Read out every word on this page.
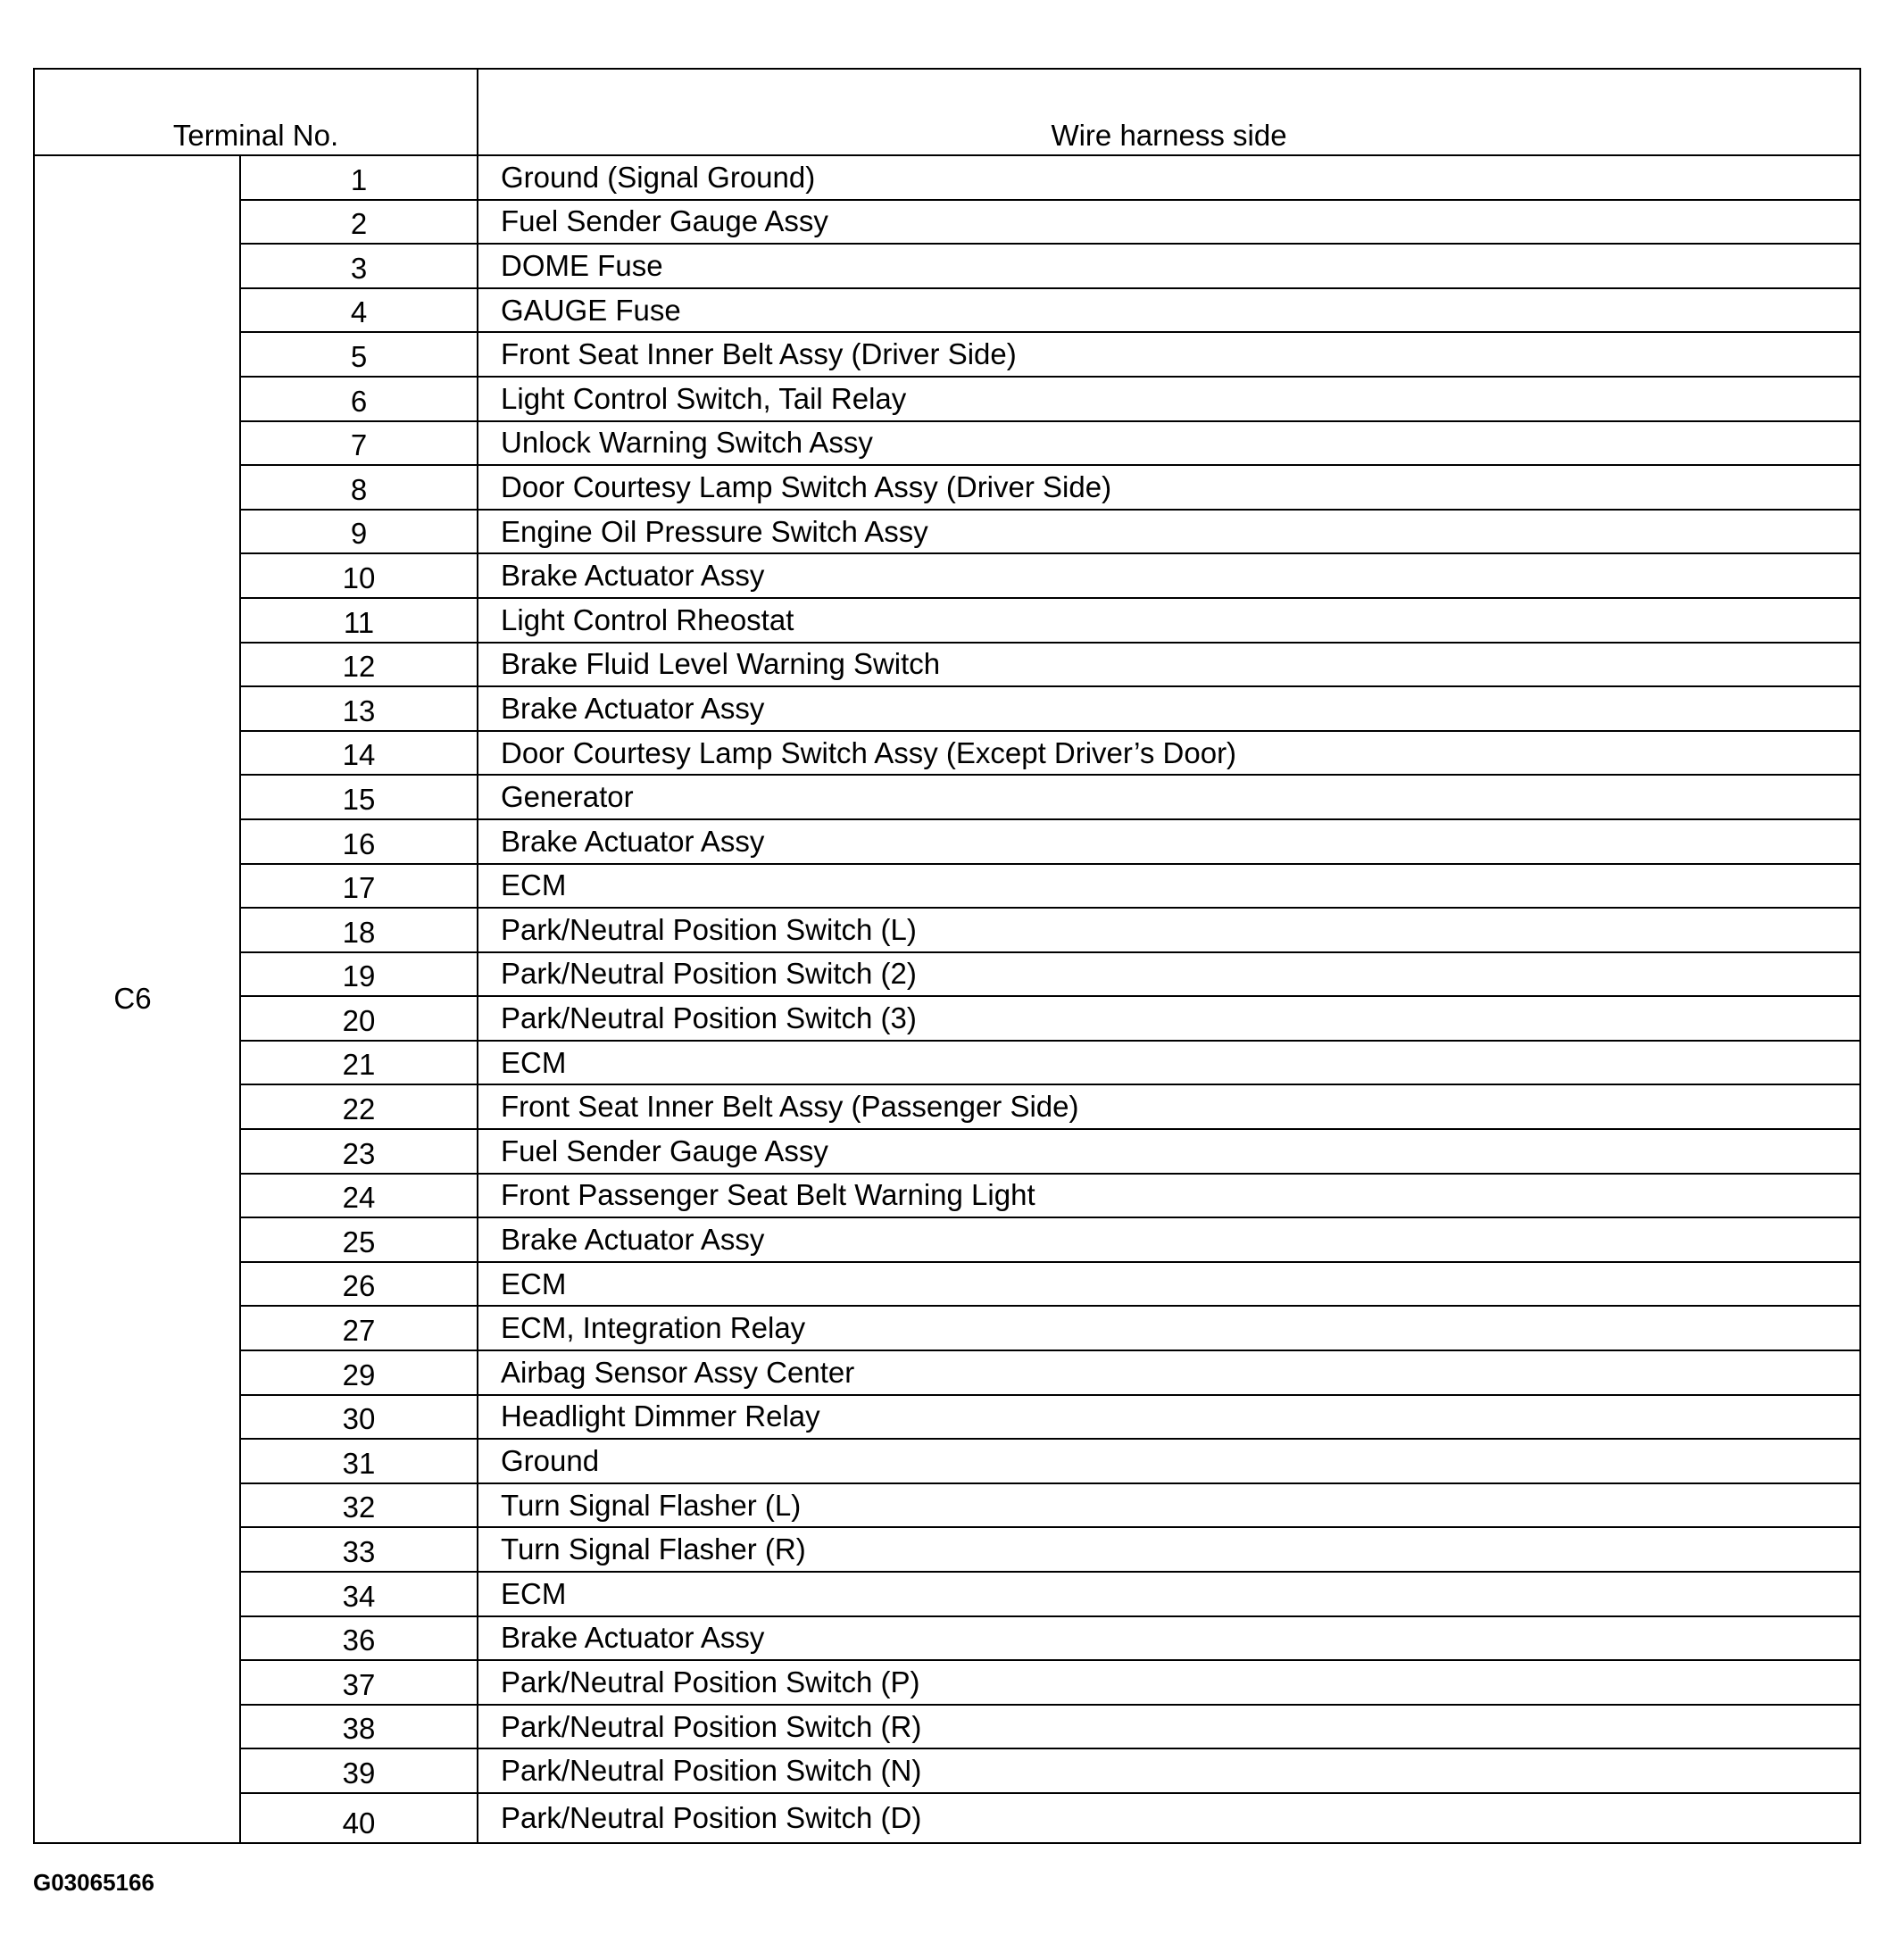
Terminal No.		Wire harness side
C6	1	Ground (Signal Ground)
	2	Fuel Sender Gauge Assy
	3	DOME Fuse
	4	GAUGE Fuse
	5	Front Seat Inner Belt Assy (Driver Side)
	6	Light Control Switch, Tail Relay
	7	Unlock Warning Switch Assy
	8	Door Courtesy Lamp Switch Assy (Driver Side)
	9	Engine Oil Pressure Switch Assy
	10	Brake Actuator Assy
	11	Light Control Rheostat
	12	Brake Fluid Level Warning Switch
	13	Brake Actuator Assy
	14	Door Courtesy Lamp Switch Assy (Except Driver’s Door)
	15	Generator
	16	Brake Actuator Assy
	17	ECM
	18	Park/Neutral Position Switch (L)
	19	Park/Neutral Position Switch (2)
	20	Park/Neutral Position Switch (3)
	21	ECM
	22	Front Seat Inner Belt Assy (Passenger Side)
	23	Fuel Sender Gauge Assy
	24	Front Passenger Seat Belt Warning Light
	25	Brake Actuator Assy
	26	ECM
	27	ECM, Integration Relay
	29	Airbag Sensor Assy Center
	30	Headlight Dimmer Relay
	31	Ground
	32	Turn Signal Flasher (L)
	33	Turn Signal Flasher (R)
	34	ECM
	36	Brake Actuator Assy
	37	Park/Neutral Position Switch (P)
	38	Park/Neutral Position Switch (R)
	39	Park/Neutral Position Switch (N)
	40	Park/Neutral Position Switch (D)
G03065166
